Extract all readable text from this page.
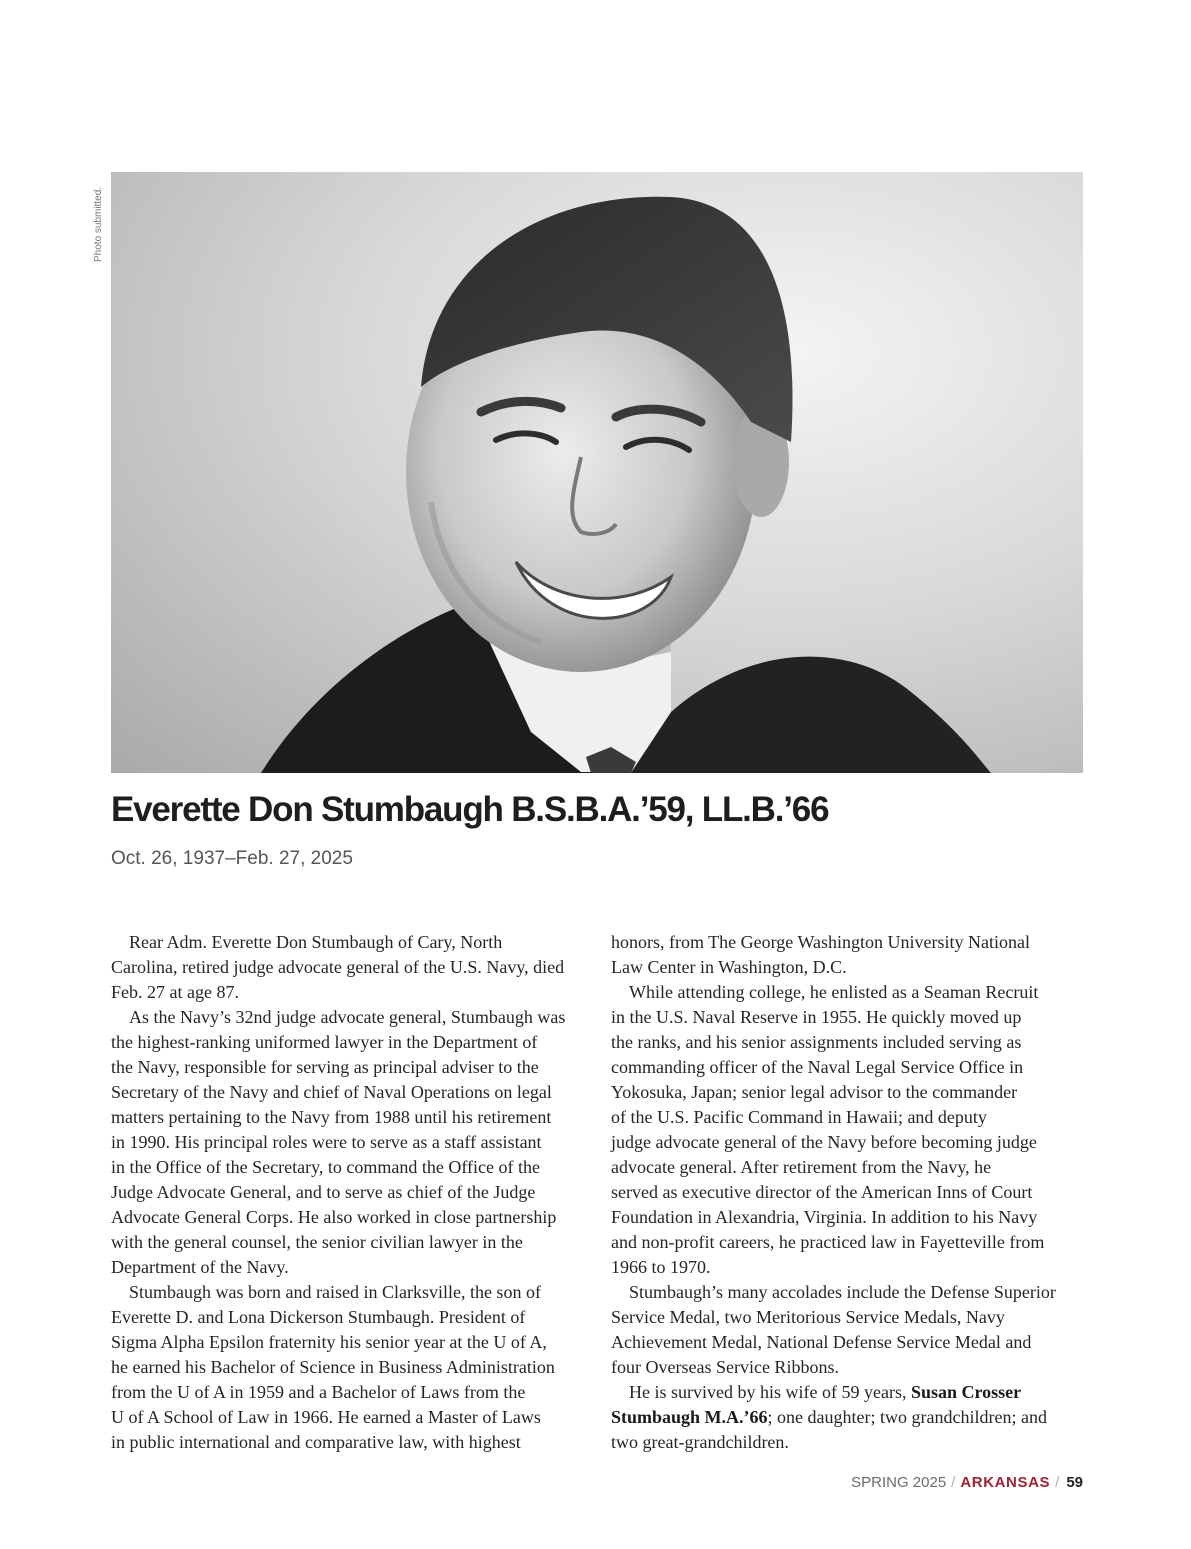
Photo submitted.
Everette Don Stumbaugh B.S.B.A.’59, LL.B.’66
Oct. 26, 1937–Feb. 27, 2025
Rear Adm. Everette Don Stumbaugh of Cary, North
Carolina, retired judge advocate general of the U.S. Navy, died
Feb. 27 at age 87.
As the Navy’s 32nd judge advocate general, Stumbaugh was
the highest-ranking uniformed lawyer in the Department of
the Navy, responsible for serving as principal adviser to the
Secretary of the Navy and chief of Naval Operations on legal
matters pertaining to the Navy from 1988 until his retirement
in 1990. His principal roles were to serve as a staff assistant
in the Office of the Secretary, to command the Office of the
Judge Advocate General, and to serve as chief of the Judge
Advocate General Corps. He also worked in close partnership
with the general counsel, the senior civilian lawyer in the
Department of the Navy.
Stumbaugh was born and raised in Clarksville, the son of
Everette D. and Lona Dickerson Stumbaugh. President of
Sigma Alpha Epsilon fraternity his senior year at the U of A,
he earned his Bachelor of Science in Business Administration
from the U of A in 1959 and a Bachelor of Laws from the
U of A School of Law in 1966. He earned a Master of Laws
in public international and comparative law, with highest
honors, from The George Washington University National
Law Center in Washington, D.C.
While attending college, he enlisted as a Seaman Recruit
in the U.S. Naval Reserve in 1955. He quickly moved up
the ranks, and his senior assignments included serving as
commanding officer of the Naval Legal Service Office in
Yokosuka, Japan; senior legal advisor to the commander
of the U.S. Pacific Command in Hawaii; and deputy
judge advocate general of the Navy before becoming judge
advocate general. After retirement from the Navy, he
served as executive director of the American Inns of Court
Foundation in Alexandria, Virginia. In addition to his Navy
and non-profit careers, he practiced law in Fayetteville from
1966 to 1970.
Stumbaugh’s many accolades include the Defense Superior
Service Medal, two Meritorious Service Medals, Navy
Achievement Medal, National Defense Service Medal and
four Overseas Service Ribbons.
He is survived by his wife of 59 years, Susan Crosser
Stumbaugh M.A.’66; one daughter; two grandchildren; and
two great-grandchildren.
SPRING 2025 / ARKANSAS / 59
